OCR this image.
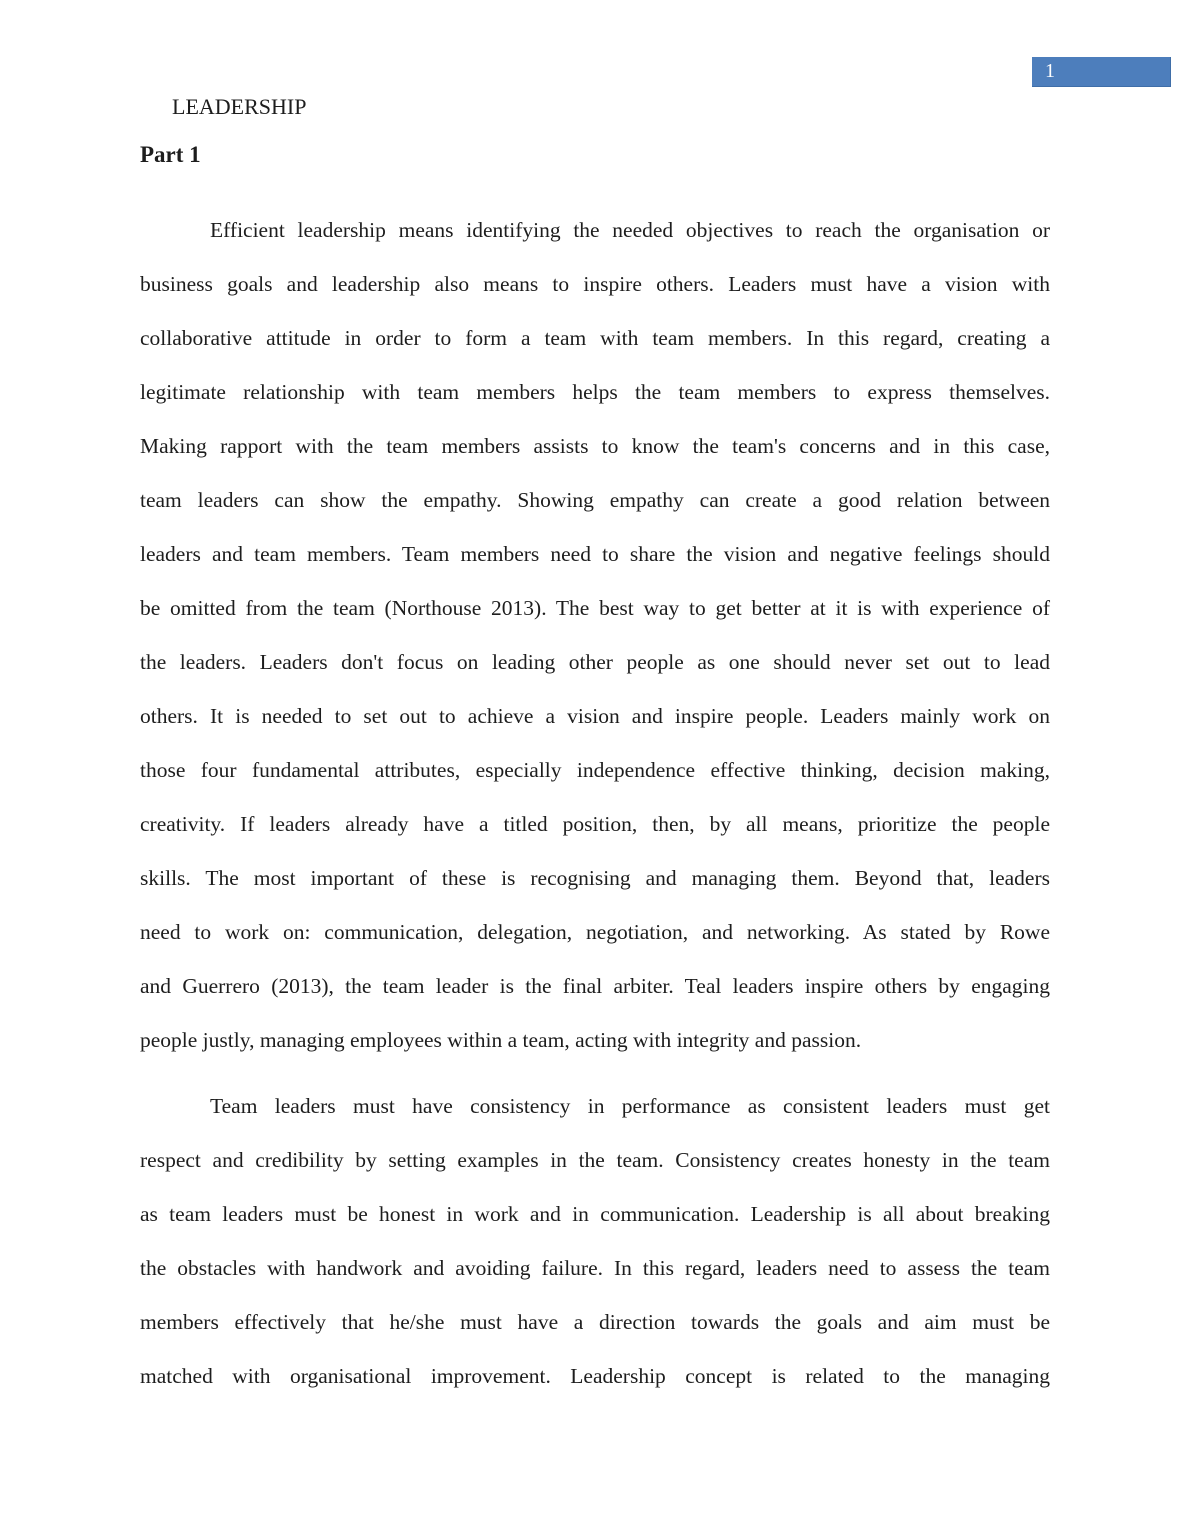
1
LEADERSHIP
Part 1
Efficient leadership means identifying the needed objectives to reach the organisation or
business goals and leadership also means to inspire others. Leaders must have a vision with
collaborative attitude in order to form a team with team members. In this regard, creating a
legitimate relationship with team members helps the team members to express themselves.
Making rapport with the team members assists to know the team's concerns and in this case,
team leaders can show the empathy. Showing empathy can create a good relation between
leaders and team members. Team members need to share the vision and negative feelings should
be omitted from the team (Northouse 2013). The best way to get better at it is with experience of
the leaders. Leaders don't focus on leading other people as one should never set out to lead
others. It is needed to set out to achieve a vision and inspire people. Leaders mainly work on
those four fundamental attributes, especially independence effective thinking, decision making,
creativity. If leaders already have a titled position, then, by all means, prioritize the people
skills. The most important of these is recognising and managing them. Beyond that, leaders
need to work on: communication, delegation, negotiation, and networking. As stated by Rowe
and Guerrero (2013), the team leader is the final arbiter. Teal leaders inspire others by engaging
people justly, managing employees within a team, acting with integrity and passion.
Team leaders must have consistency in performance as consistent leaders must get
respect and credibility by setting examples in the team. Consistency creates honesty in the team
as team leaders must be honest in work and in communication. Leadership is all about breaking
the obstacles with handwork and avoiding failure. In this regard, leaders need to assess the team
members effectively that he/she must have a direction towards the goals and aim must be
matched with organisational improvement. Leadership concept is related to the managing
